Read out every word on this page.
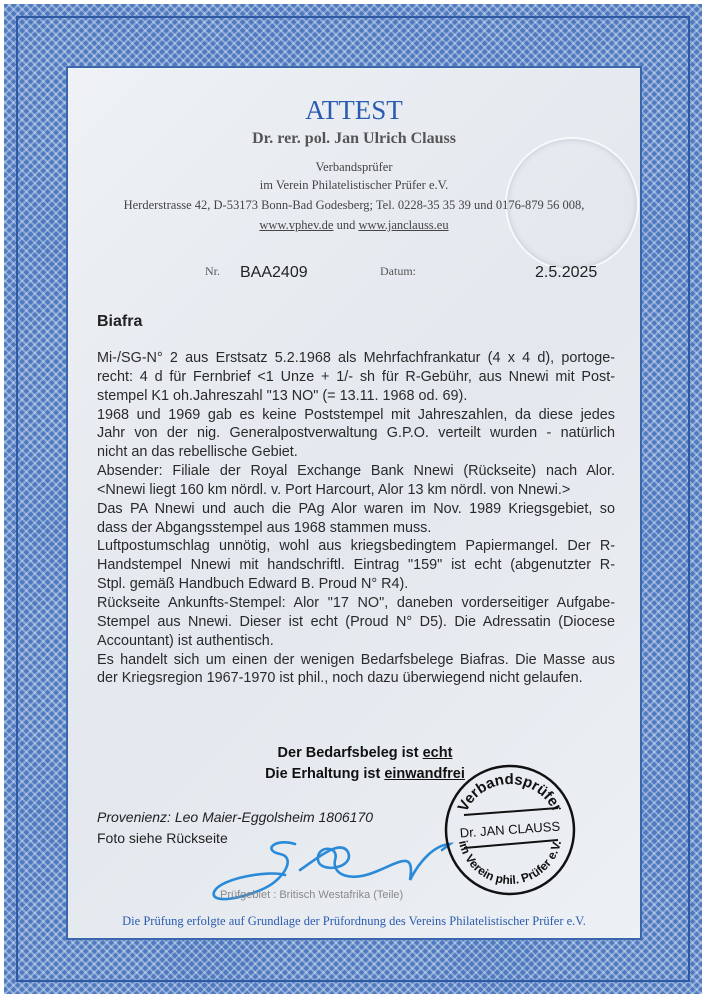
ATTEST
Dr. rer. pol. Jan Ulrich Clauss
Verbandsprüfer
im Verein Philatelistischer Prüfer e.V.
Herderstrasse 42, D-53173 Bonn-Bad Godesberg; Tel. 0228-35 35 39 und 0176-879 56 008,
www.vphev.de und www.janclauss.eu
Nr. BAA2409	Datum:	2.5.2025
Biafra
Mi-/SG-N° 2 aus Erstsatz 5.2.1968 als Mehrfachfrankatur (4 x 4 d), portoge-
recht: 4 d für Fernbrief <1 Unze + 1/- sh für R-Gebühr, aus Nnewi mit Post-
stempel K1 oh.Jahreszahl "13 NO" (= 13.11. 1968 od. 69).
1968 und 1969 gab es keine Poststempel mit Jahreszahlen, da diese jedes
Jahr von der nig. Generalpostverwaltung G.P.O. verteilt wurden - natürlich
nicht an das rebellische Gebiet.
Absender: Filiale der Royal Exchange Bank Nnewi (Rückseite) nach Alor.
<Nnewi liegt 160 km nördl. v. Port Harcourt, Alor 13 km nördl. von Nnewi.>
Das PA Nnewi und auch die PAg Alor waren im Nov. 1989 Kriegsgebiet, so
dass der Abgangsstempel aus 1968 stammen muss.
Luftpostumschlag unnötig, wohl aus kriegsbedingtem Papiermangel. Der R-
Handstempel Nnewi mit handschriftl. Eintrag "159" ist echt (abgenutzter R-
Stpl. gemäß Handbuch Edward B. Proud N° R4).
Rückseite Ankunfts-Stempel: Alor "17 NO", daneben vorderseitiger Aufgabe-
Stempel aus Nnewi. Dieser ist echt (Proud N° D5). Die Adressatin (Diocese
Accountant) ist authentisch.
Es handelt sich um einen der wenigen Bedarfsbelege Biafras. Die Masse aus
der Kriegsregion 1967-1970 ist phil., noch dazu überwiegend nicht gelaufen.
Der Bedarfsbeleg ist echt
Die Erhaltung ist einwandfrei
Provenienz: Leo Maier-Eggolsheim 1806170
Foto siehe Rückseite
Prüfgebiet : Britisch Westafrika (Teile)
Verbandsprüfer
Dr. JAN CLAUSS
im Verein phil. Prüfer e.V.
Die Prüfung erfolgte auf Grundlage der Prüfordnung des Vereins Philatelistischer Prüfer e.V.
